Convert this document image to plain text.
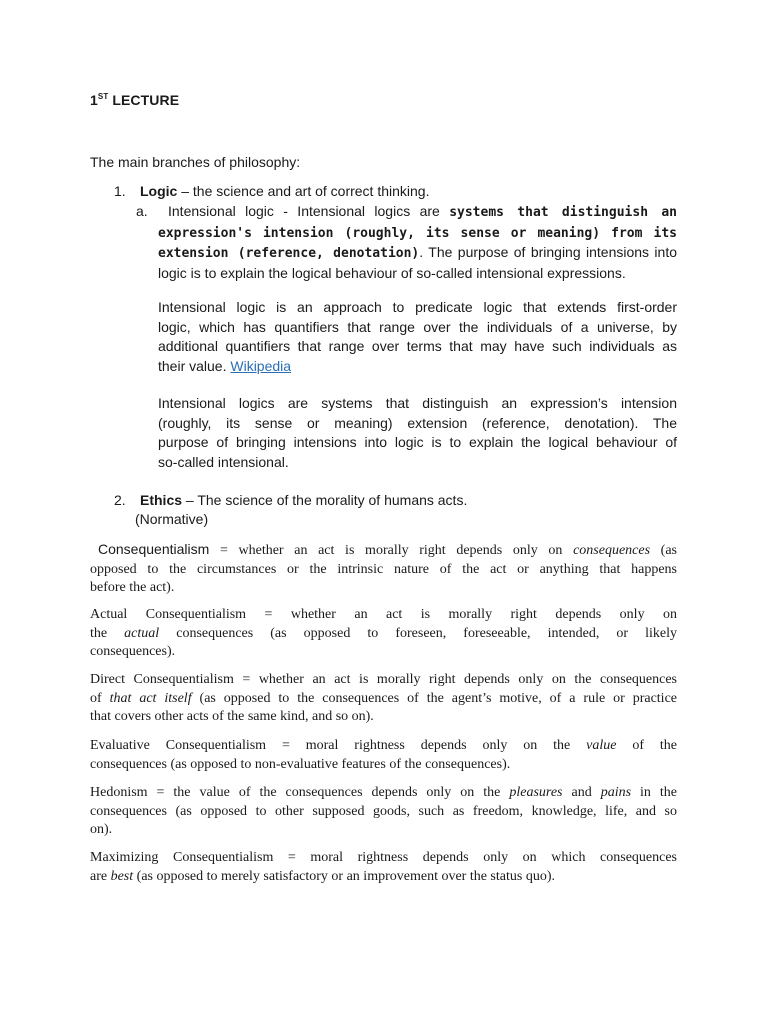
1ST LECTURE
The main branches of philosophy:
1. Logic – the science and art of correct thinking.
a.	Intensional logic - Intensional logics are systems that distinguish an
expression's intension (roughly, its sense or meaning) from its
extension (reference, denotation). The purpose of bringing intensions into
logic is to explain the logical behaviour of so-called intensional expressions.
Intensional logic is an approach to predicate logic that extends first-order
logic, which has quantifiers that range over the individuals of a universe, by
additional quantifiers that range over terms that may have such individuals as
their value. Wikipedia
Intensional logics are systems that distinguish an expression’s intension
(roughly, its sense or meaning) extension (reference, denotation). The
purpose of bringing intensions into logic is to explain the logical behaviour of
so-called intensional.
2. Ethics – The science of the morality of humans acts.
(Normative)
Consequentialism = whether an act is morally right depends only on consequences (as
opposed to the circumstances or the intrinsic nature of the act or anything that happens
before the act).
Actual Consequentialism = whether an act is morally right depends only on
the actual consequences (as opposed to foreseen, foreseeable, intended, or likely
consequences).
Direct Consequentialism = whether an act is morally right depends only on the consequences
of that act itself (as opposed to the consequences of the agent’s motive, of a rule or practice
that covers other acts of the same kind, and so on).
Evaluative Consequentialism = moral rightness depends only on the value of the
consequences (as opposed to non-evaluative features of the consequences).
Hedonism = the value of the consequences depends only on the pleasures and pains in the
consequences (as opposed to other supposed goods, such as freedom, knowledge, life, and so
on).
Maximizing Consequentialism = moral rightness depends only on which consequences
are best (as opposed to merely satisfactory or an improvement over the status quo).
